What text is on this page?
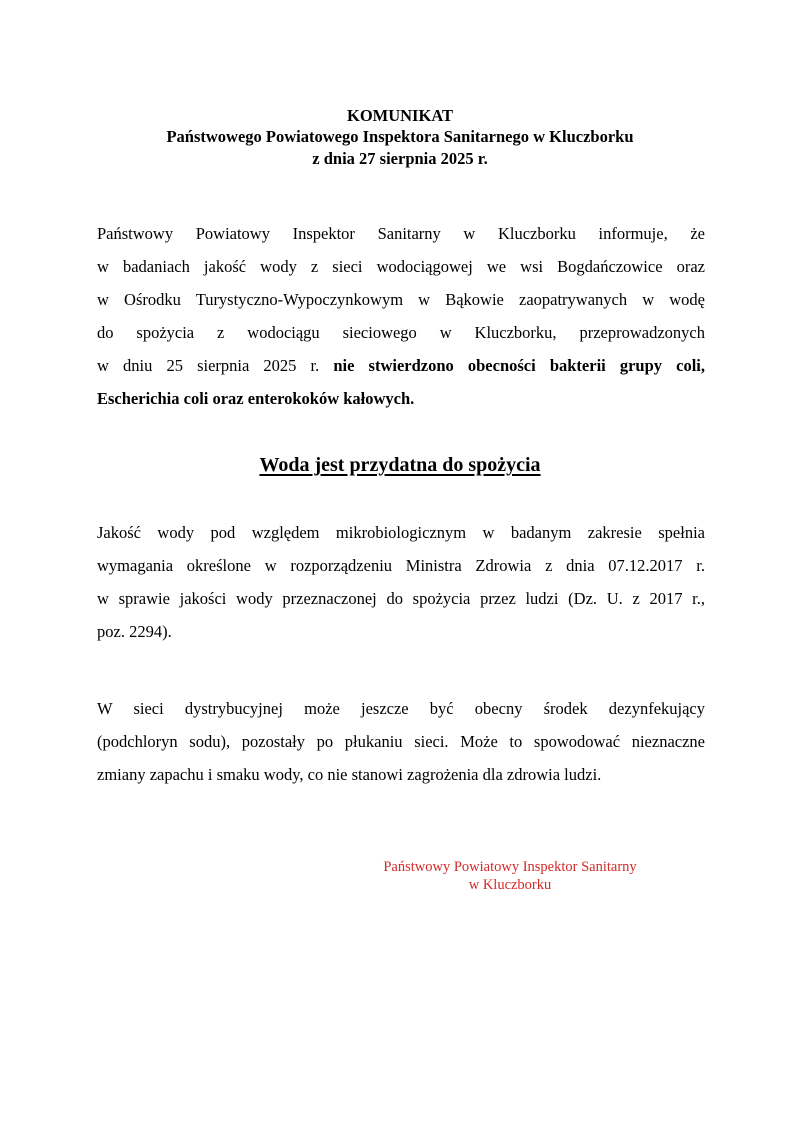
KOMUNIKAT
Państwowego Powiatowego Inspektora Sanitarnego w Kluczborku
z dnia 27 sierpnia 2025 r.
Państwowy Powiatowy Inspektor Sanitarny w Kluczborku informuje, że
w badaniach jakość wody z sieci wodociągowej we wsi Bogdańczowice oraz
w Ośrodku Turystyczno-Wypoczynkowym w Bąkowie zaopatrywanych w wodę
do spożycia z wodociągu sieciowego w Kluczborku, przeprowadzonych
w dniu 25 sierpnia 2025 r. nie stwierdzono obecności bakterii grupy coli,
Escherichia coli oraz enterokoków kałowych.
Woda jest przydatna do spożycia
Jakość wody pod względem mikrobiologicznym w badanym zakresie spełnia
wymagania określone w rozporządzeniu Ministra Zdrowia z dnia 07.12.2017 r.
w sprawie jakości wody przeznaczonej do spożycia przez ludzi (Dz. U. z 2017 r.,
poz. 2294).
W sieci dystrybucyjnej może jeszcze być obecny środek dezynfekujący
(podchloryn sodu), pozostały po płukaniu sieci. Może to spowodować nieznaczne
zmiany zapachu i smaku wody, co nie stanowi zagrożenia dla zdrowia ludzi.
Państwowy Powiatowy Inspektor Sanitarny
w Kluczborku
